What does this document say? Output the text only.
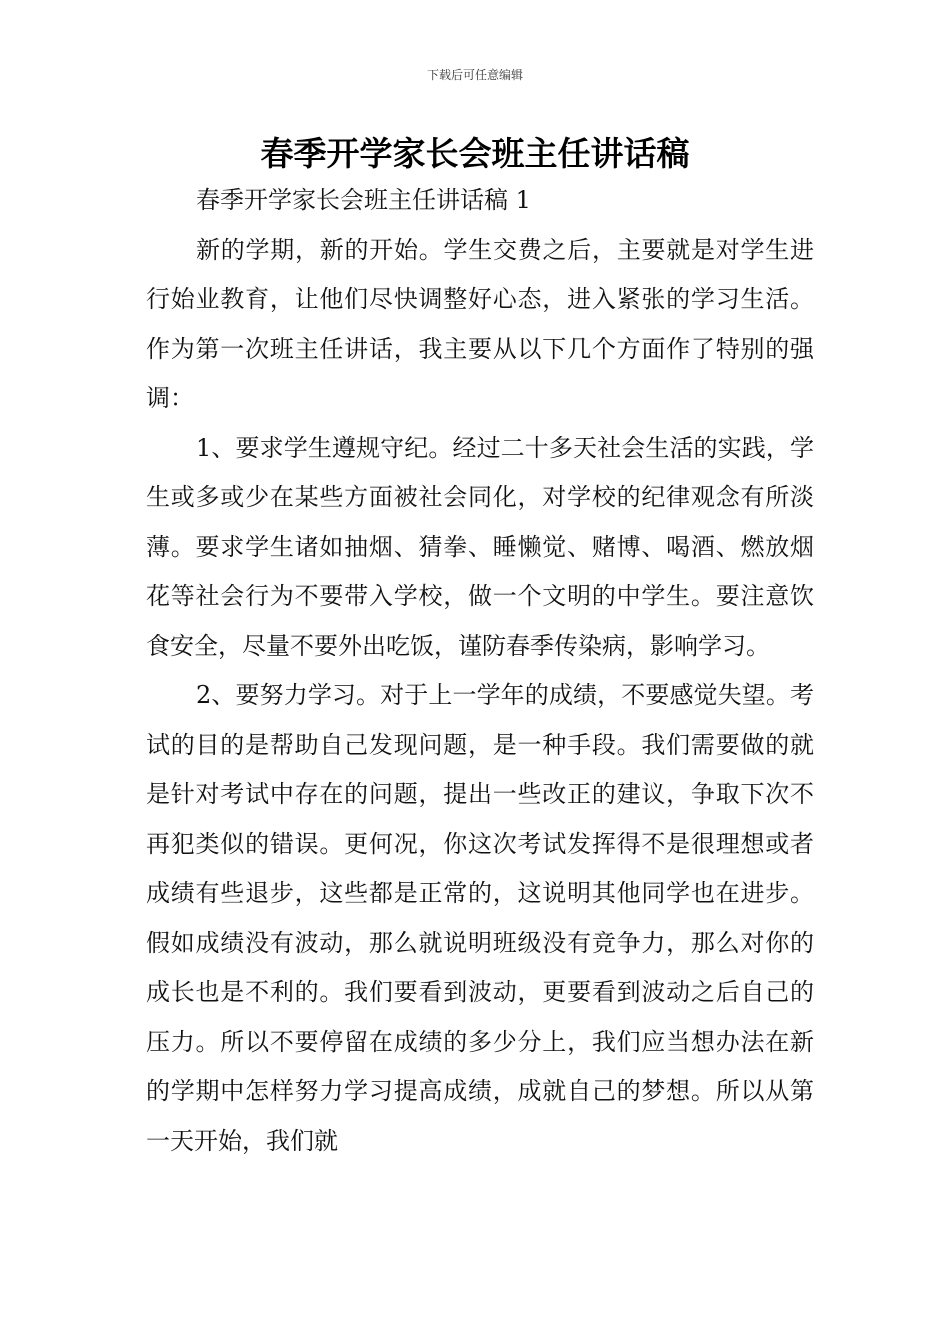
下载后可任意编辑
春季开学家长会班主任讲话稿

春季开学家长会班主任讲话稿 1

新的学期，新的开始。学生交费之后，主要就是对学生进行始业教育，让他们尽快调整好心态，进入紧张的学习生活。作为第一次班主任讲话，我主要从以下几个方面作了特别的强调：

1、要求学生遵规守纪。经过二十多天社会生活的实践，学生或多或少在某些方面被社会同化，对学校的纪律观念有所淡薄。要求学生诸如抽烟、猜拳、睡懒觉、赌博、喝酒、燃放烟花等社会行为不要带入学校，做一个文明的中学生。要注意饮食安全，尽量不要外出吃饭，谨防春季传染病，影响学习。

2、要努力学习。对于上一学年的成绩，不要感觉失望。考试的目的是帮助自己发现问题，是一种手段。我们需要做的就是针对考试中存在的问题，提出一些改正的建议，争取下次不再犯类似的错误。更何况，你这次考试发挥得不是很理想或者成绩有些退步，这些都是正常的，这说明其他同学也在进步。假如成绩没有波动，那么就说明班级没有竞争力，那么对你的成长也是不利的。我们要看到波动，更要看到波动之后自己的压力。所以不要停留在成绩的多少分上，我们应当想办法在新的学期中怎样努力学习提高成绩，成就自己的梦想。所以从第一天开始，我们就
